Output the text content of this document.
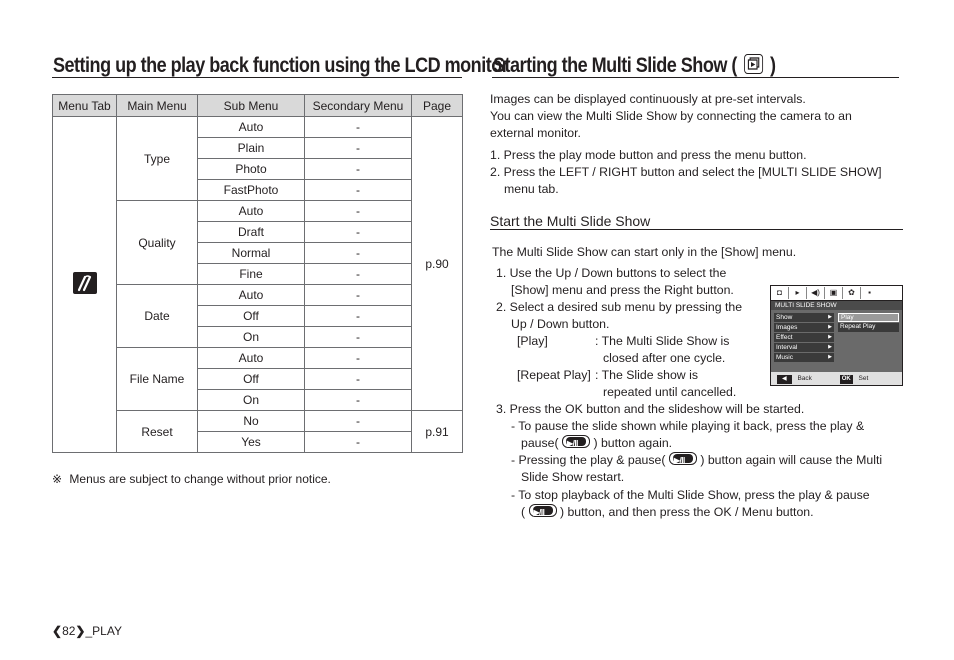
Setting up the play back function using the LCD monitor
Menu Tab	Main Menu	Sub Menu	Secondary Menu	Page

	Type	Auto	-	p.90
		Plain	-	
		Photo	-	
		FastPhoto	-	
	Quality	Auto	-	
		Draft	-	
		Normal	-	
		Fine	-	
	Date	Auto	-	
		Off	-	
		On	-	
	File Name	Auto	-	
		Off	-	
		On	-	
	Reset	No	-	p.91
		Yes	-	
※ Menus are subject to change without prior notice.
Starting the Multi Slide Show ( )
Images can be displayed continuously at pre-set intervals.
You can view the Multi Slide Show by connecting the camera to an
external monitor.
1. Press the play mode button and press the menu button.
2. Press the LEFT / RIGHT button and select the [MULTI SLIDE SHOW]
menu tab.
Start the Multi Slide Show
The Multi Slide Show can start only in the [Show] menu.
1. Use the Up / Down buttons to select the
[Show] menu and press the Right button.
2. Select a desired sub menu by pressing the
Up / Down button.
[Play]	: The Multi Slide Show is
closed after one cycle.
[Repeat Play] : The Slide show is
repeated until cancelled.
3. Press the OK button and the slideshow will be started.
- To pause the slide shown while playing it back, press the play &
pause( ▶/II	) button again.
- Pressing the play & pause( ▶/II	) button again will cause the Multi
Slide Show restart.
- To stop playback of the Multi Slide Show, press the play & pause
( ▶/II	) button, and then press the OK / Menu button.
◘	▸	◀)	▣	✿	▪
MULTI SLIDE SHOW
Show	▶
Images	▶
Effect	▶
Interval	▶
Music	▶
Play
Repeat Play
◀ Back	OK Set
❮82❯_PLAY
